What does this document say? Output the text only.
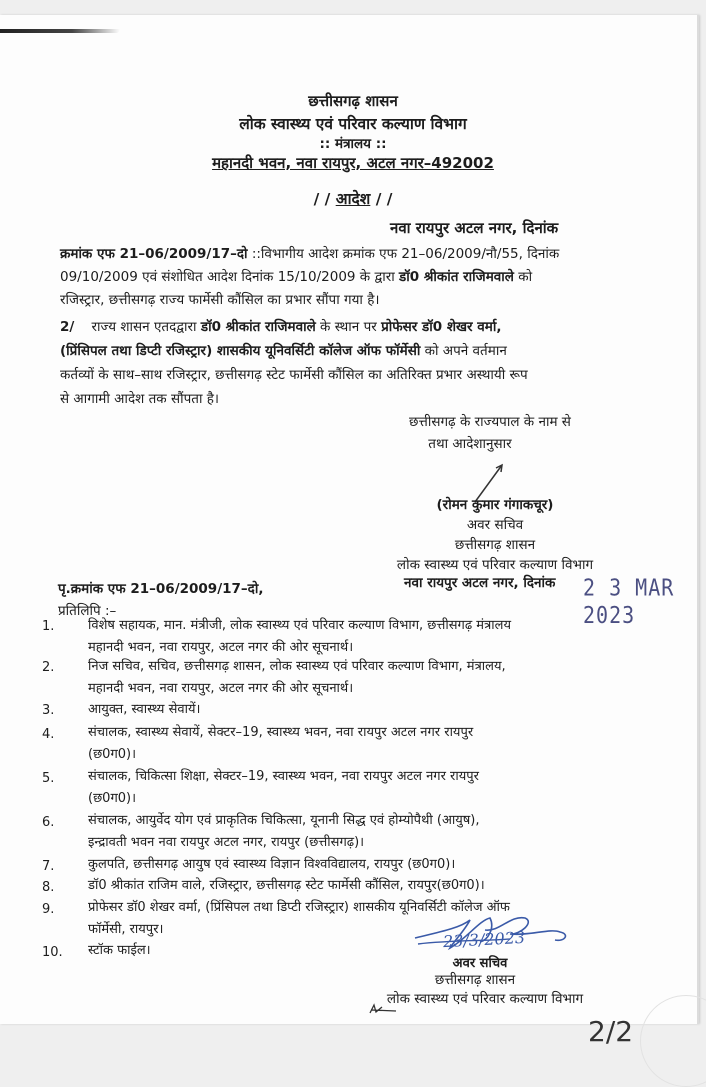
छत्तीसगढ़ शासन
लोक स्वास्थ्य एवं परिवार कल्याण विभाग
:: मंत्रालय ::
महानदी भवन, नवा रायपुर, अटल नगर–492002
/ / आदेश / /
नवा रायपुर अटल नगर, दिनांक
क्रमांक एफ 21–06/2009/17–दो ::विभागीय आदेश क्रमांक एफ 21–06/2009/नौ/55, दिनांक
09/10/2009 एवं संशोधित आदेश दिनांक 15/10/2009 के द्वारा डॉ0 श्रीकांत राजिमवाले को
रजिस्ट्रार, छत्तीसगढ़ राज्य फार्मेसी कौंसिल का प्रभार सौंपा गया है।
2/ राज्य शासन एतदद्वारा डॉ0 श्रीकांत राजिमवाले के स्थान पर प्रोफेसर डॉ0 शेखर वर्मा,
(प्रिंसिपल तथा डिप्टी रजिस्ट्रार) शासकीय यूनिवर्सिटी कॉलेज ऑफ फॉर्मेसी को अपने वर्तमान
कर्तव्यों के साथ–साथ रजिस्ट्रार, छत्तीसगढ़ स्टेट फार्मेसी कौंसिल का अतिरिक्त प्रभार अस्थायी रूप
से आगामी आदेश तक सौंपता है।
छत्तीसगढ़ के राज्यपाल के नाम से
तथा आदेशानुसार
(रोमन कुमार गंगाकचूर)
अवर सचिव
छत्तीसगढ़ शासन
लोक स्वास्थ्य एवं परिवार कल्याण विभाग
नवा रायपुर अटल नगर, दिनांक 2 3 MAR 2023
पृ.क्रमांक एफ 21–06/2009/17–दो,
प्रतिलिपि :–
1.	विशेष सहायक, मान. मंत्रीजी, लोक स्वास्थ्य एवं परिवार कल्याण विभाग, छत्तीसगढ़ मंत्रालय
महानदी भवन, नवा रायपुर, अटल नगर की ओर सूचनार्थ।
2.	निज सचिव, सचिव, छत्तीसगढ़ शासन, लोक स्वास्थ्य एवं परिवार कल्याण विभाग, मंत्रालय,
महानदी भवन, नवा रायपुर, अटल नगर की ओर सूचनार्थ।
3.	आयुक्त, स्वास्थ्य सेवायें।
4.	संचालक, स्वास्थ्य सेवायें, सेक्टर–19, स्वास्थ्य भवन, नवा रायपुर अटल नगर रायपुर
(छ0ग0)।
5.	संचालक, चिकित्सा शिक्षा, सेक्टर–19, स्वास्थ्य भवन, नवा रायपुर अटल नगर रायपुर
(छ0ग0)।
6.	संचालक, आयुर्वेद योग एवं प्राकृतिक चिकित्सा, यूनानी सिद्ध एवं होम्योपैथी (आयुष),
इन्द्रावती भवन नवा रायपुर अटल नगर, रायपुर (छत्तीसगढ़)।
7.	कुलपति, छत्तीसगढ़ आयुष एवं स्वास्थ्य विज्ञान विश्वविद्यालय, रायपुर (छ0ग0)।
8.	डॉ0 श्रीकांत राजिम वाले, रजिस्ट्रार, छत्तीसगढ़ स्टेट फार्मेसी कौंसिल, रायपुर(छ0ग0)।
9.	प्रोफेसर डॉ0 शेखर वर्मा, (प्रिंसिपल तथा डिप्टी रजिस्ट्रार) शासकीय यूनिवर्सिटी कॉलेज ऑफ
फॉर्मेसी, रायपुर।
10. स्टॉक फाईल।	23/3/2023
अवर सचिव
छत्तीसगढ़ शासन
लोक स्वास्थ्य एवं परिवार कल्याण विभाग
2/2
